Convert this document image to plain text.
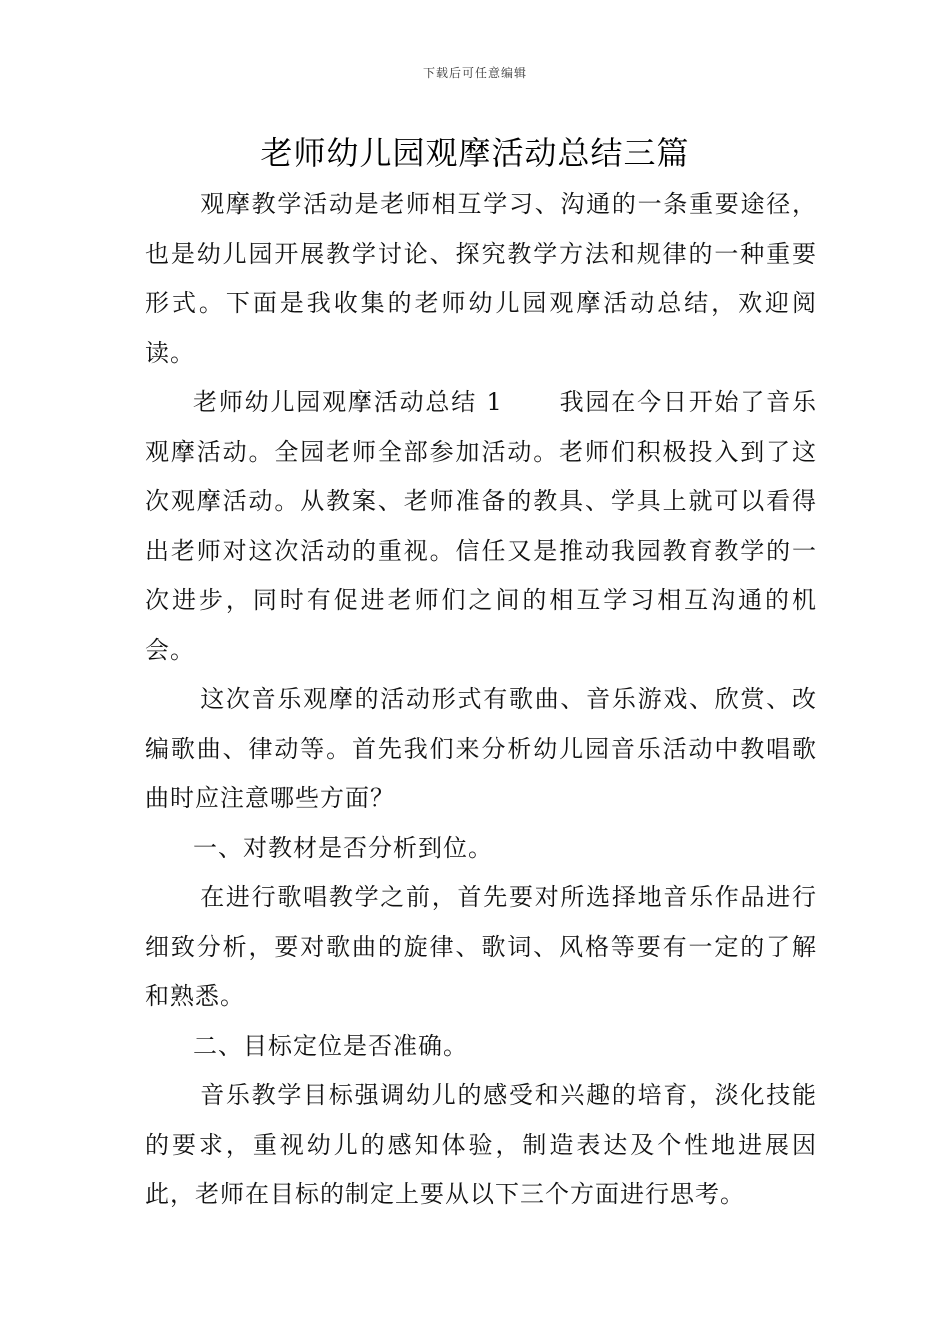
下载后可任意编辑
老师幼儿园观摩活动总结三篇

观摩教学活动是老师相互学习、沟通的一条重要途径，也是幼儿园开展教学讨论、探究教学方法和规律的一种重要形式。下面是我收集的老师幼儿园观摩活动总结，欢迎阅读。

老师幼儿园观摩活动总结 1 我园在今日开始了音乐观摩活动。全园老师全部参加活动。老师们积极投入到了这次观摩活动。从教案、老师准备的教具、学具上就可以看得出老师对这次活动的重视。信任又是推动我园教育教学的一次进步，同时有促进老师们之间的相互学习相互沟通的机会。

这次音乐观摩的活动形式有歌曲、音乐游戏、欣赏、改编歌曲、律动等。首先我们来分析幼儿园音乐活动中教唱歌曲时应注意哪些方面？

一、对教材是否分析到位。

在进行歌唱教学之前，首先要对所选择地音乐作品进行细致分析，要对歌曲的旋律、歌词、风格等要有一定的了解和熟悉。

二、目标定位是否准确。

音乐教学目标强调幼儿的感受和兴趣的培育，淡化技能的要求，重视幼儿的感知体验，制造表达及个性地进展因此，老师在目标的制定上要从以下三个方面进行思考。
